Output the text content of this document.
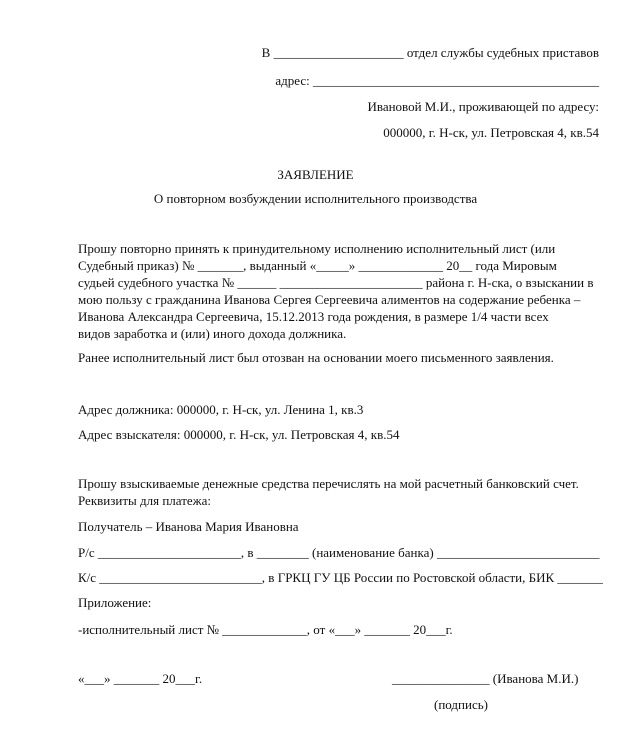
В ____________________ отдел службы судебных приставов
адрес: ____________________________________________
Ивановой М.И., проживающей по адресу:
000000, г. Н-ск, ул. Петровская 4, кв.54
ЗАЯВЛЕНИЕ
О повторном возбуждении исполнительного производства
Прошу повторно принять к принудительному исполнению исполнительный лист (или
Судебный приказ) № _______, выданный «_____» _____________ 20__ года Мировым
судьей судебного участка № ______ ______________________ района г. Н-ска, о взыскании в
мою пользу с гражданина Иванова Сергея Сергеевича алиментов на содержание ребенка –
Иванова Александра Сергеевича, 15.12.2013 года рождения, в размере 1/4 части всех
видов заработка и (или) иного дохода должника.
Ранее исполнительный лист был отозван на основании моего письменного заявления.
Адрес должника: 000000, г. Н-ск, ул. Ленина 1, кв.3
Адрес взыскателя: 000000, г. Н-ск, ул. Петровская 4, кв.54
Прошу взыскиваемые денежные средства перечислять на мой расчетный банковский счет.
Реквизиты для платежа:
Получатель – Иванова Мария Ивановна
Р/с ______________________, в ________ (наименование банка) _________________________
К/с _________________________, в ГРКЦ ГУ ЦБ России по Ростовской области, БИК _______
Приложение:
-исполнительный лист № _____________, от «___» _______ 20___г.
«___» _______ 20___г.	_______________ (Иванова М.И.)
(подпись)
